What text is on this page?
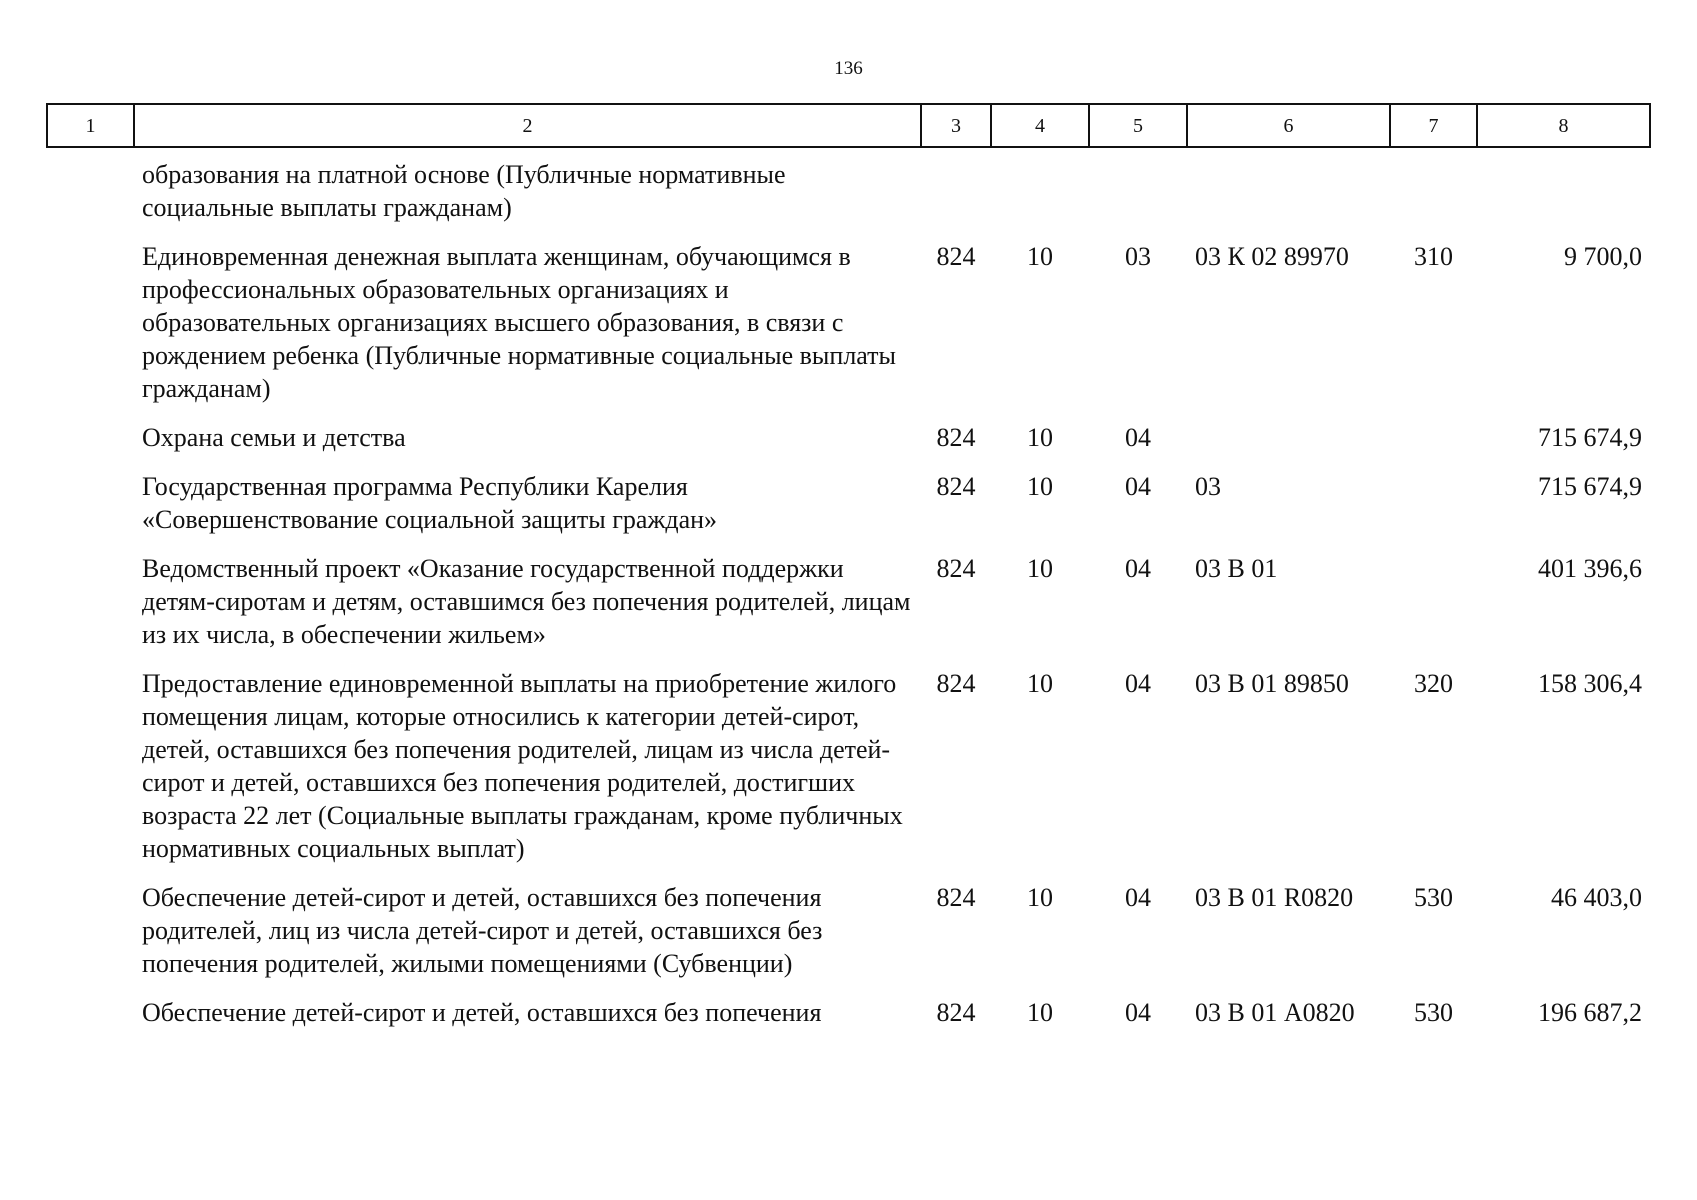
136
1	2	3	4	5	6	7	8
	образования на платной основе (Публичные нормативные социальные выплаты гражданам)						
	Единовременная денежная выплата женщинам, обучающимся в профессиональных образовательных организациях и образовательных организациях высшего образования, в связи с рождением ребенка (Публичные нормативные социальные выплаты гражданам)	824	10	03	03 К 02 89970	310	9 700,0
	Охрана семьи и детства	824	10	04			715 674,9
	Государственная программа Республики Карелия «Совершенствование социальной защиты граждан»	824	10	04	03		715 674,9
	Ведомственный проект «Оказание государственной поддержки детям-сиротам и детям, оставшимся без попечения родителей, лицам из их числа, в обеспечении жильем»	824	10	04	03 В 01		401 396,6
	Предоставление единовременной выплаты на приобретение жилого помещения лицам, которые относились к категории детей-сирот, детей, оставшихся без попечения родителей, лицам из числа детей-сирот и детей, оставшихся без попечения родителей, достигших возраста 22 лет (Социальные выплаты гражданам, кроме публичных нормативных социальных выплат)	824	10	04	03 В 01 89850	320	158 306,4
	Обеспечение детей-сирот и детей, оставшихся без попечения родителей, лиц из числа детей-сирот и детей, оставшихся без попечения родителей, жилыми помещениями (Субвенции)	824	10	04	03 В 01 R0820	530	46 403,0
	Обеспечение детей-сирот и детей, оставшихся без попечения	824	10	04	03 В 01 А0820	530	196 687,2
